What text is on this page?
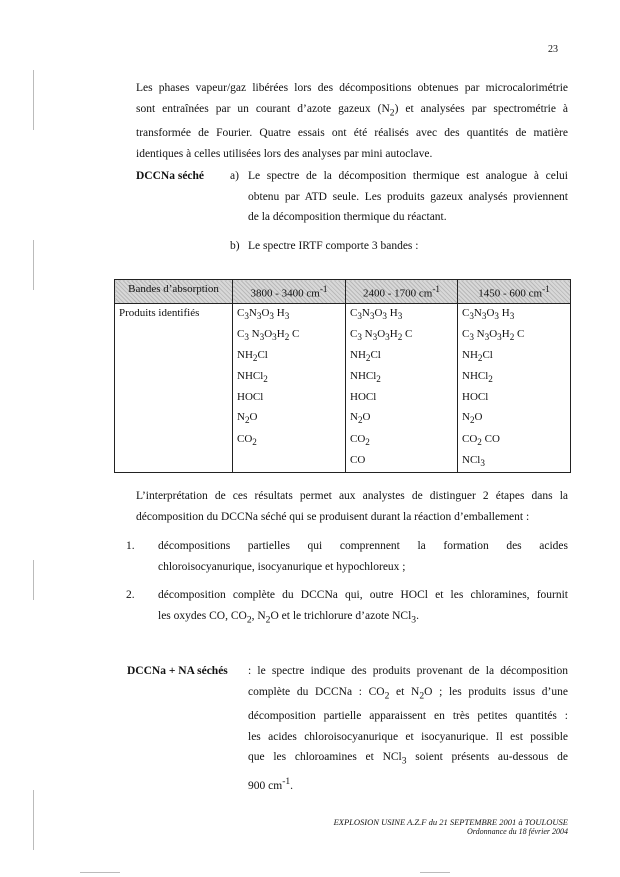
23
Les phases vapeur/gaz libérées lors des décompositions obtenues par microcalorimétrie
sont entraînées par un courant d’azote gazeux $(N_2)$ et analysées par spectrométrie à
transformée de Fourier. Quatre essais ont été réalisés avec des quantités de matière
identiques à celles utilisées lors des analyses par mini autoclave.
DCCNa séché a) Le spectre de la décomposition thermique est analogue à celui
obtenu par ATD seule. Les produits gazeux analysés proviennent
de la décomposition thermique du réactant.
b) Le spectre IRTF comporte 3 bandes :
Bandes d’absorption	3800 - 3400 $cm^{-1}$	2400 - 1700 $cm^{-1}$	1450 - 600 $cm^{-1}$
Produits identifiés	$C_3N_3O_3$ $H_3$	$C_3N_3O_3$ $H_3$	$C_3N_3O_3$ $H_3$
	$C_3$ $N_3O_3H_2$ C	$C_3$ $N_3O_3H_2$ C	$C_3$ $N_3O_3H_2$ C
	$NH_2Cl$	$NH_2Cl$	$NH_2Cl$
	NHCl$_2$	NHCl$_2$	NHCl$_2$
	HOCl	HOCl	HOCl
	$N_2O$	$N_2O$	$N_2O$
	$CO_2$	$CO_2$	$CO_2$ CO
		CO	NCl$_3$
L’interprétation de ces résultats permet aux analystes de distinguer 2 étapes dans la
décomposition du DCCNa séché qui se produisent durant la réaction d’emballement :
1. décompositions partielles qui comprennent la formation des acides
chloroisocyanurique, isocyanurique et hypochloreux ;
2. décomposition complète du DCCNa qui, outre HOCl et les chloramines, fournit
les oxydes CO, $CO_2$, $N_2O$ et le trichlorure d’azote NCl$_3$.
DCCNa + NA séchés : le spectre indique des produits provenant de la décomposition
complète du DCCNa : $CO_2$ et $N_2O$ ; les produits issus d’une
décomposition partielle apparaissent en très petites quantités :
les acides chloroisocyanurique et isocyanurique. Il est possible
que les chloroamines et NCl$_3$ soient présents au-dessous de
900 $cm^{-1}$.
EXPLOSION USINE A.Z.F du 21 SEPTEMBRE 2001 à TOULOUSE
Ordonnance du 18 février 2004
